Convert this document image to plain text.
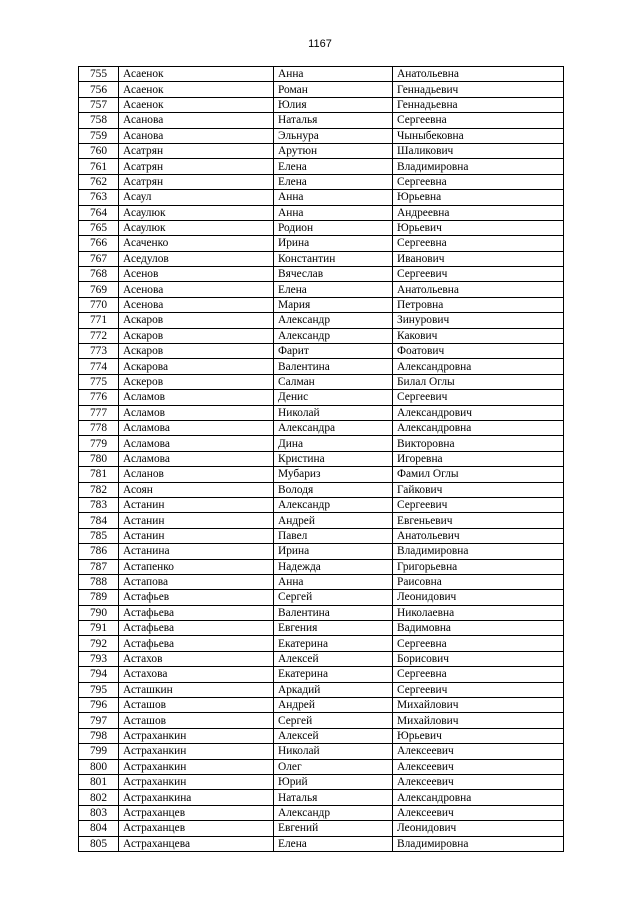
1167
755	Асаенок	Анна	Анатольевна
756	Асаенок	Роман	Геннадьевич
757	Асаенок	Юлия	Геннадьевна
758	Асанова	Наталья	Сергеевна
759	Асанова	Эльнура	Чыныбековна
760	Асатрян	Арутюн	Шаликович
761	Асатрян	Елена	Владимировна
762	Асатрян	Елена	Сергеевна
763	Асаул	Анна	Юрьевна
764	Асаулюк	Анна	Андреевна
765	Асаулюк	Родион	Юрьевич
766	Асаченко	Ирина	Сергеевна
767	Аседулов	Константин	Иванович
768	Асенов	Вячеслав	Сергеевич
769	Асенова	Елена	Анатольевна
770	Асенова	Мария	Петровна
771	Аскаров	Александр	Зинурович
772	Аскаров	Александр	Какович
773	Аскаров	Фарит	Фоатович
774	Аскарова	Валентина	Александровна
775	Аскеров	Салман	Билал Оглы
776	Асламов	Денис	Сергеевич
777	Асламов	Николай	Александрович
778	Асламова	Александра	Александровна
779	Асламова	Дина	Викторовна
780	Асламова	Кристина	Игоревна
781	Асланов	Мубариз	Фамил Оглы
782	Асоян	Володя	Гайкович
783	Астанин	Александр	Сергеевич
784	Астанин	Андрей	Евгеньевич
785	Астанин	Павел	Анатольевич
786	Астанина	Ирина	Владимировна
787	Астапенко	Надежда	Григорьевна
788	Астапова	Анна	Раисовна
789	Астафьев	Сергей	Леонидович
790	Астафьева	Валентина	Николаевна
791	Астафьева	Евгения	Вадимовна
792	Астафьева	Екатерина	Сергеевна
793	Астахов	Алексей	Борисович
794	Астахова	Екатерина	Сергеевна
795	Асташкин	Аркадий	Сергеевич
796	Асташов	Андрей	Михайлович
797	Асташов	Сергей	Михайлович
798	Астраханкин	Алексей	Юрьевич
799	Астраханкин	Николай	Алексеевич
800	Астраханкин	Олег	Алексеевич
801	Астраханкин	Юрий	Алексеевич
802	Астраханкина	Наталья	Александровна
803	Астраханцев	Александр	Алексеевич
804	Астраханцев	Евгений	Леонидович
805	Астраханцева	Елена	Владимировна
